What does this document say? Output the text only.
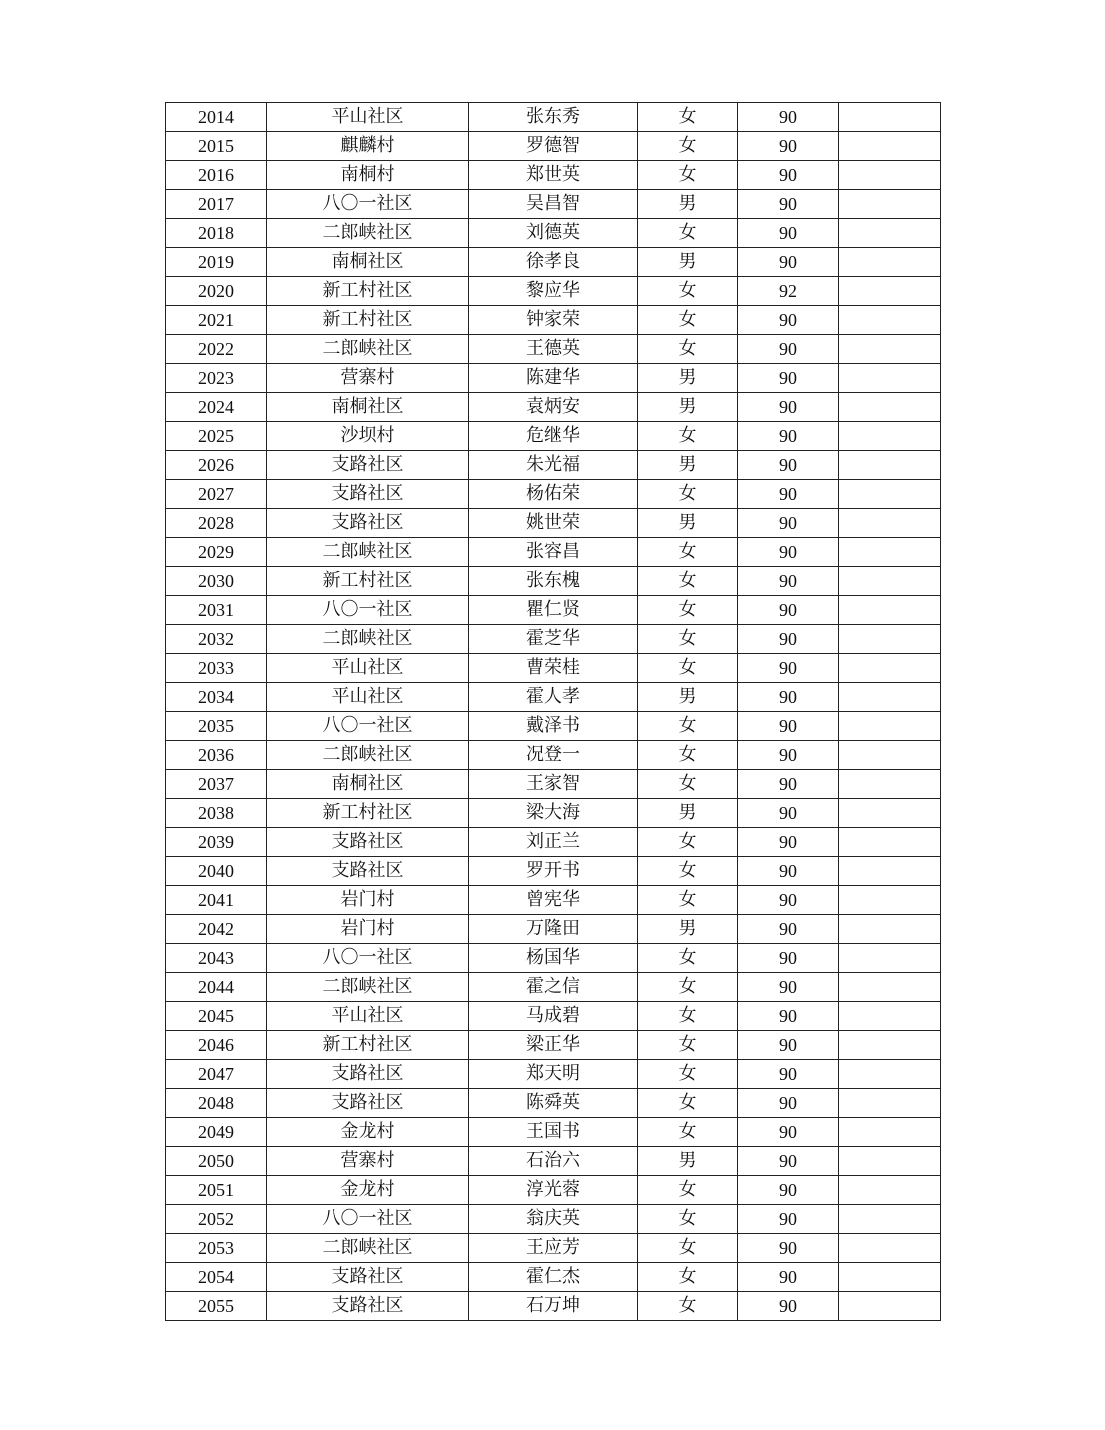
2014	平山社区	张东秀	女	90	
2015	麒麟村	罗德智	女	90	
2016	南桐村	郑世英	女	90	
2017	八〇一社区	吴昌智	男	90	
2018	二郎峡社区	刘德英	女	90	
2019	南桐社区	徐孝良	男	90	
2020	新工村社区	黎应华	女	92	
2021	新工村社区	钟家荣	女	90	
2022	二郎峡社区	王德英	女	90	
2023	营寨村	陈建华	男	90	
2024	南桐社区	袁炳安	男	90	
2025	沙坝村	危继华	女	90	
2026	支路社区	朱光福	男	90	
2027	支路社区	杨佑荣	女	90	
2028	支路社区	姚世荣	男	90	
2029	二郎峡社区	张容昌	女	90	
2030	新工村社区	张东槐	女	90	
2031	八〇一社区	瞿仁贤	女	90	
2032	二郎峡社区	霍芝华	女	90	
2033	平山社区	曹荣桂	女	90	
2034	平山社区	霍人孝	男	90	
2035	八〇一社区	戴泽书	女	90	
2036	二郎峡社区	况登一	女	90	
2037	南桐社区	王家智	女	90	
2038	新工村社区	梁大海	男	90	
2039	支路社区	刘正兰	女	90	
2040	支路社区	罗开书	女	90	
2041	岩门村	曾宪华	女	90	
2042	岩门村	万隆田	男	90	
2043	八〇一社区	杨国华	女	90	
2044	二郎峡社区	霍之信	女	90	
2045	平山社区	马成碧	女	90	
2046	新工村社区	梁正华	女	90	
2047	支路社区	郑天明	女	90	
2048	支路社区	陈舜英	女	90	
2049	金龙村	王国书	女	90	
2050	营寨村	石治六	男	90	
2051	金龙村	淳光蓉	女	90	
2052	八〇一社区	翁庆英	女	90	
2053	二郎峡社区	王应芳	女	90	
2054	支路社区	霍仁杰	女	90	
2055	支路社区	石万坤	女	90	
